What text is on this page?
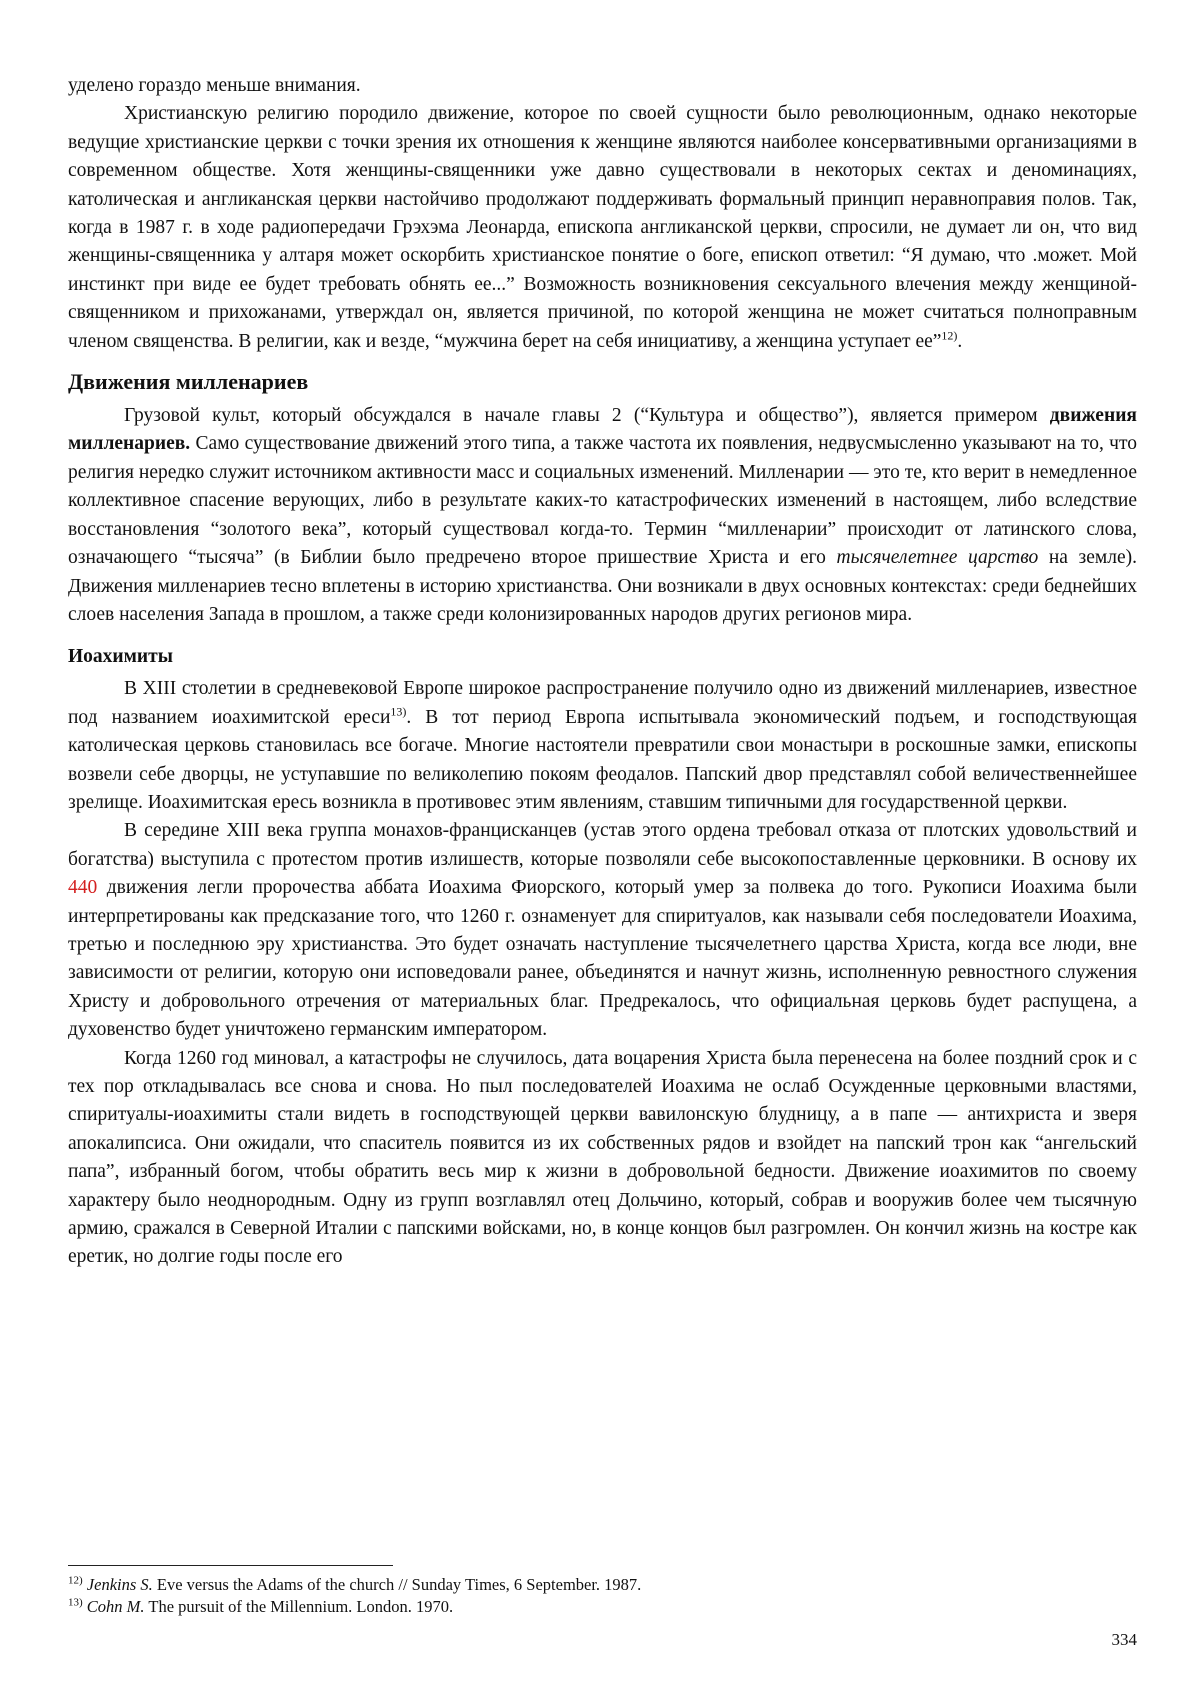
уделено гораздо меньше внимания.

Христианскую религию породило движение, которое по своей сущности было революционным, однако некоторые ведущие христианские церкви с точки зрения их отношения к женщине являются наиболее консервативными организациями в современном обществе. Хотя женщины-священники уже давно существовали в некоторых сектах и деноминациях, католическая и англиканская церкви настойчиво продолжают поддерживать формальный принцип неравноправия полов. Так, когда в 1987 г. в ходе радиопередачи Грэхэма Леонарда, епископа англиканской церкви, спросили, не думает ли он, что вид женщины-священника у алтаря может оскорбить христианское понятие о боге, епископ ответил: “Я думаю, что .может. Мой инстинкт при виде ее будет требовать обнять ее...” Возможность возникновения сексуального влечения между женщиной-священником и прихожанами, утверждал он, является причиной, по которой женщина не может считаться полноправным членом священства. В религии, как и везде, “мужчина берет на себя инициативу, а женщина уступает ее”$^{12)}$.

Движения милленариев

Грузовой культ, который обсуждался в начале главы 2 (“Культура и общество”), является примером движения милленариев. Само существование движений этого типа, а также частота их появления, недвусмысленно указывают на то, что религия нередко служит источником активности масс и социальных изменений. Милленарии — это те, кто верит в немедленное коллективное спасение верующих, либо в результате каких-то катастрофических изменений в настоящем, либо вследствие восстановления “золотого века”, который существовал когда-то. Термин “милленарии” происходит от латинского слова, означающего “тысяча” (в Библии было предречено второе пришествие Христа и его тысячелетнее царство на земле). Движения милленариев тесно вплетены в историю христианства. Они возникали в двух основных контекстах: среди беднейших слоев населения Запада в прошлом, а также среди колонизированных народов других регионов мира.

Иоахимиты

В XIII столетии в средневековой Европе широкое распространение получило одно из движений милленариев, известное под названием иоахимитской ереси$^{13)}$. В тот период Европа испытывала экономический подъем, и господствующая католическая церковь становилась все богаче. Многие настоятели превратили свои монастыри в роскошные замки, епископы возвели себе дворцы, не уступавшие по великолепию покоям феодалов. Папский двор представлял собой величественнейшее зрелище. Иоахимитская ересь возникла в противовес этим явлениям, ставшим типичными для государственной церкви.

В середине XIII века группа монахов-францисканцев (устав этого ордена требовал отказа от плотских удовольствий и богатства) выступила с протестом против излишеств, которые позволяли себе высокопоставленные церковники. В основу их 440 движения легли пророчества аббата Иоахима Фиорского, который умер за полвека до того. Рукописи Иоахима были интерпретированы как предсказание того, что 1260 г. ознаменует для спиритуалов, как называли себя последователи Иоахима, третью и последнюю эру христианства. Это будет означать наступление тысячелетнего царства Христа, когда все люди, вне зависимости от религии, которую они исповедовали ранее, объединятся и начнут жизнь, исполненную ревностного служения Христу и добровольного отречения от материальных благ. Предрекалось, что официальная церковь будет распущена, а духовенство будет уничтожено германским императором.

Когда 1260 год миновал, а катастрофы не случилось, дата воцарения Христа была перенесена на более поздний срок и с тех пор откладывалась все снова и снова. Но пыл последователей Иоахима не ослаб Осужденные церковными властями, спиритуалы-иоахимиты стали видеть в господствующей церкви вавилонскую блудницу, а в папе — антихриста и зверя апокалипсиса. Они ожидали, что спаситель появится из их собственных рядов и взойдет на папский трон как “ангельский папа”, избранный богом, чтобы обратить весь мир к жизни в добровольной бедности. Движение иоахимитов по своему характеру было неоднородным. Одну из групп возглавлял отец Дольчино, который, собрав и вооружив более чем тысячную армию, сражался в Северной Италии с папскими войсками, но, в конце концов был разгромлен. Он кончил жизнь на костре как еретик, но долгие годы после его

$^{12)}$ Jenkins S. Eve versus the Adams of the church // Sunday Times, 6 September. 1987.
$^{13)}$ Cohn M. The pursuit of the Millennium. London. 1970.
334
